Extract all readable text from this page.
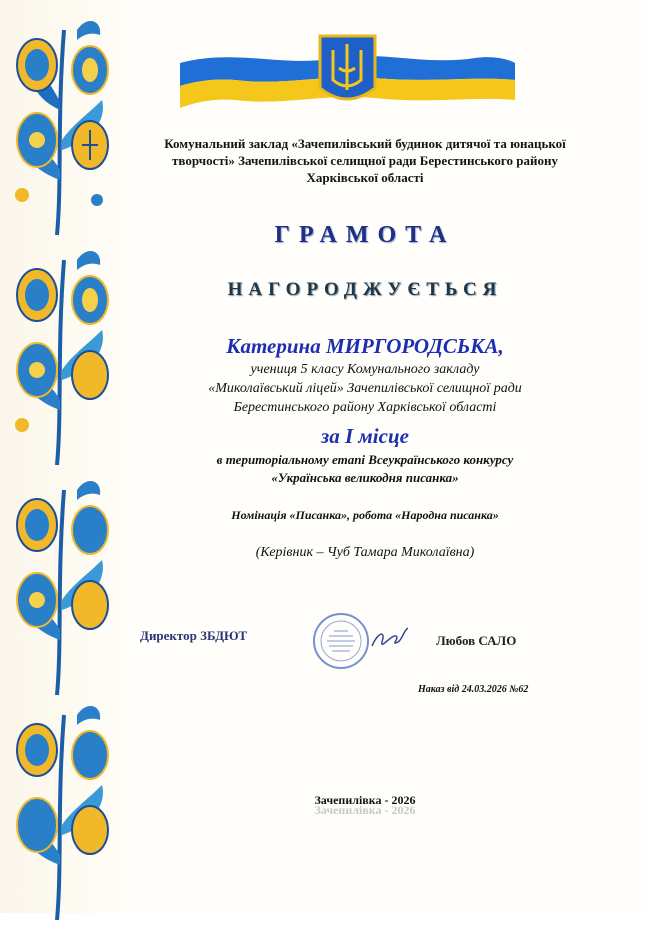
Комунальний заклад «Зачепилівський будинок дитячої та юнацької
творчості» Зачепилівської селищної ради Берестинського району
Харківської області
ГРАМОТА
НАГОРОДЖУЄТЬСЯ
Катерина МИРГОРОДСЬКА,
учениця 5 класу Комунального закладу
«Миколаївський ліцей» Зачепилівської селищної ради
Берестинського району Харківської області
за І місце
в територіальному етапі Всеукраїнського конкурсу
«Українська великодня писанка»
Номінація «Писанка», робота «Народна писанка»
(Керівник – Чуб Тамара Миколаївна)
Директор ЗБДЮТ	Любов САЛО
Наказ від 24.03.2026 №62
Зачепилівка - 2026
Зачепилівка - 2026
